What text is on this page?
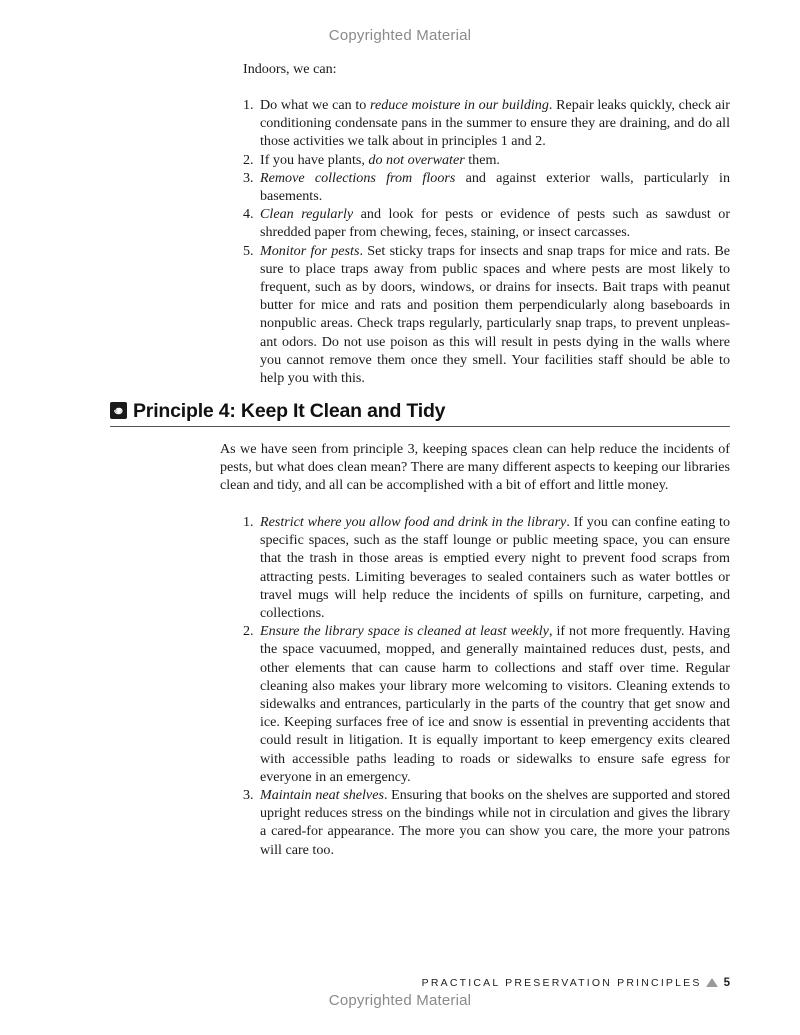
Copyrighted Material

Indoors, we can:

1. Do what we can to reduce moisture in our building. Repair leaks quickly, check air conditioning condensate pans in the summer to ensure they are draining, and do all those activities we talk about in principles 1 and 2.
2. If you have plants, do not overwater them.
3. Remove collections from floors and against exterior walls, particularly in basements.
4. Clean regularly and look for pests or evidence of pests such as sawdust or shredded paper from chewing, feces, staining, or insect carcasses.
5. Monitor for pests. Set sticky traps for insects and snap traps for mice and rats. Be sure to place traps away from public spaces and where pests are most likely to frequent, such as by doors, windows, or drains for insects. Bait traps with peanut butter for mice and rats and position them perpendicularly along baseboards in nonpublic areas. Check traps regularly, particularly snap traps, to prevent unpleasant odors. Do not use poison as this will result in pests dying in the walls where you cannot remove them once they smell. Your facilities staff should be able to help you with this.
Principle 4: Keep It Clean and Tidy

As we have seen from principle 3, keeping spaces clean can help reduce the incidents of pests, but what does clean mean? There are many different aspects to keeping our libraries clean and tidy, and all can be accomplished with a bit of effort and little money.

1. Restrict where you allow food and drink in the library. If you can confine eating to specific spaces, such as the staff lounge or public meeting space, you can ensure that the trash in those areas is emptied every night to prevent food scraps from attracting pests. Limiting beverages to sealed containers such as water bottles or travel mugs will help reduce the incidents of spills on furniture, carpeting, and collections.
2. Ensure the library space is cleaned at least weekly, if not more frequently. Having the space vacuumed, mopped, and generally maintained reduces dust, pests, and other elements that can cause harm to collections and staff over time. Regular cleaning also makes your library more welcoming to visitors. Cleaning extends to sidewalks and entrances, particularly in the parts of the country that get snow and ice. Keeping surfaces free of ice and snow is essential in preventing accidents that could result in litigation. It is equally important to keep emergency exits cleared with accessible paths leading to roads or sidewalks to ensure safe egress for everyone in an emergency.
3. Maintain neat shelves. Ensuring that books on the shelves are supported and stored upright reduces stress on the bindings while not in circulation and gives the library a cared-for appearance. The more you can show you care, the more your patrons will care too.
PRACTICAL PRESERVATION PRINCIPLES 5
Copyrighted Material
